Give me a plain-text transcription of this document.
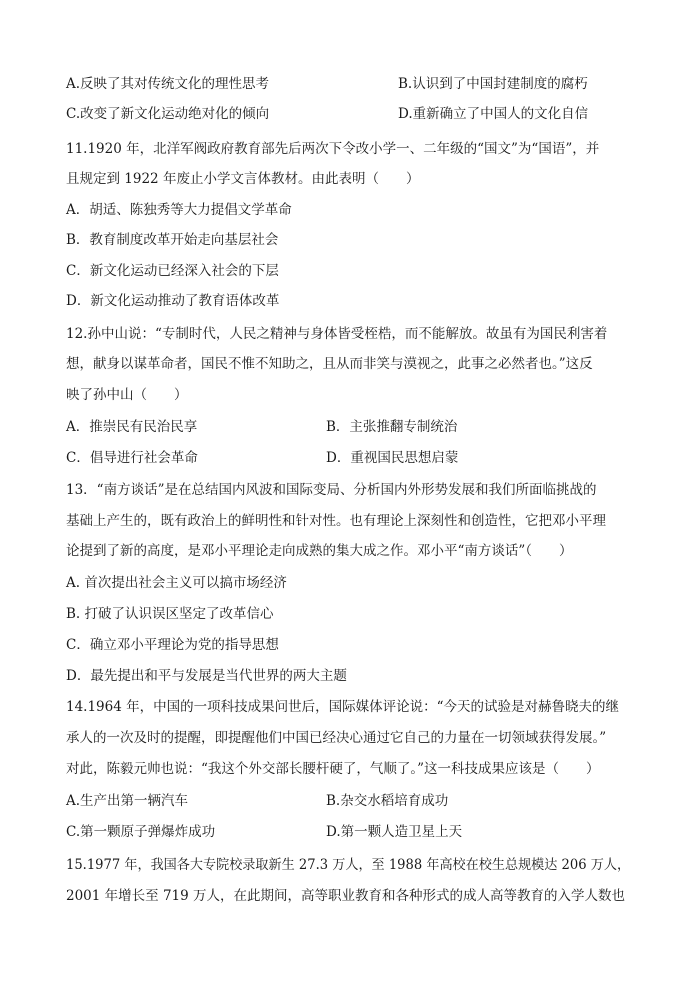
A.反映了其对传统文化的理性思考	B.认识到了中国封建制度的腐朽
C.改变了新文化运动绝对化的倾向	D.重新确立了中国人的文化自信
11.1920 年，北洋军阀政府教育部先后两次下令改小学一、二年级的“国文”为“国语”，并
且规定到 1922 年废止小学文言体教材。由此表明（　　）
A．胡适、陈独秀等大力提倡文学革命
B．教育制度改革开始走向基层社会
C．新文化运动已经深入社会的下层
D．新文化运动推动了教育语体改革
12.孙中山说：“专制时代，人民之精神与身体皆受桎梏，而不能解放。故虽有为国民利害着
想，献身以谋革命者，国民不惟不知助之，且从而非笑与漠视之，此事之必然者也。”这反
映了孙中山（　　）
A．推崇民有民治民享	B．主张推翻专制统治
C．倡导进行社会革命	D．重视国民思想启蒙
13．“南方谈话”是在总结国内风波和国际变局、分析国内外形势发展和我们所面临挑战的
基础上产生的，既有政治上的鲜明性和针对性。也有理论上深刻性和创造性，它把邓小平理
论提到了新的高度，是邓小平理论走向成熟的集大成之作。邓小平“南方谈话”（　　）
A. 首次提出社会主义可以搞市场经济
B. 打破了认识误区坚定了改革信心
C．确立邓小平理论为党的指导思想
D．最先提出和平与发展是当代世界的两大主题
14.1964 年，中国的一项科技成果问世后，国际媒体评论说：“今天的试验是对赫鲁晓夫的继
承人的一次及时的提醒，即提醒他们中国已经决心通过它自己的力量在一切领域获得发展。”
对此，陈毅元帅也说：“我这个外交部长腰杆硬了，气顺了。”这一科技成果应该是（　　）
A.生产出第一辆汽车	B.杂交水稻培育成功
C.第一颗原子弹爆炸成功	D.第一颗人造卫星上天
15.1977 年，我国各大专院校录取新生 27.3 万人，至 1988 年高校在校生总规模达 206 万人，
2001 年增长至 719 万人，在此期间，高等职业教育和各种形式的成人高等教育的入学人数也
